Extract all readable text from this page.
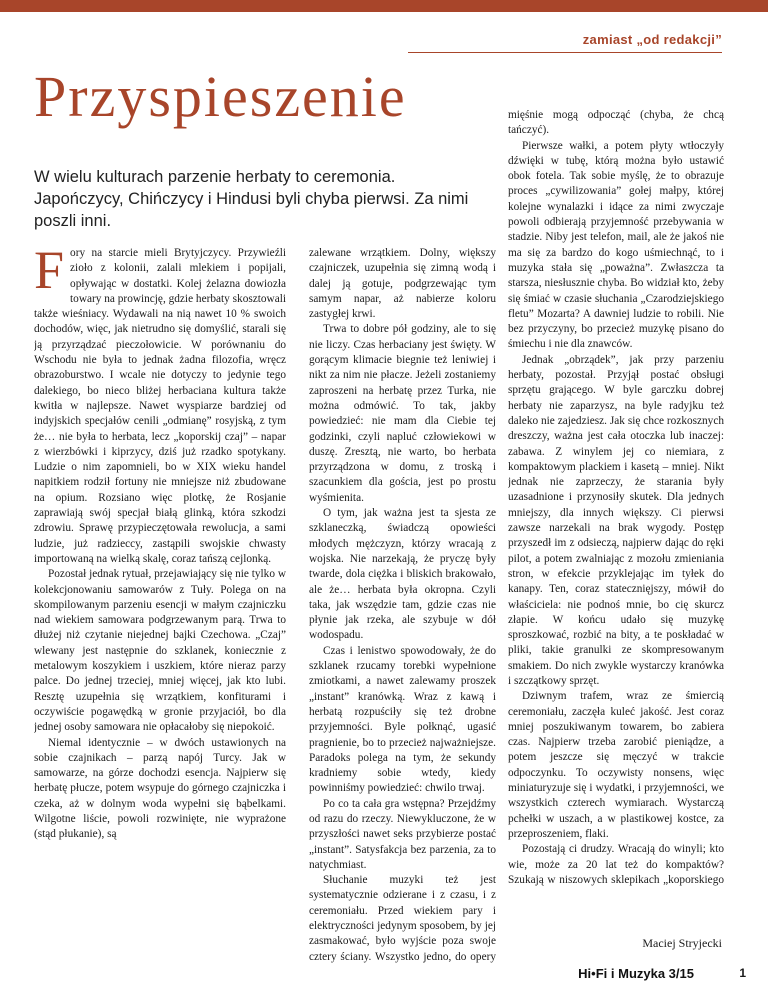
zamiast „od redakcji”
Przyspieszenie

W wielu kulturach parzenie herbaty to ceremonia. Japończycy, Chińczycy i Hindusi byli chyba pierwsi. Za nimi poszli inni.

F ory na starcie mieli Brytyjczycy. Przywieźli zioło z kolonii, zalali mlekiem i popijali, opływając w dostatki. Kolej żelazna dowiozła towary na prowincję, gdzie herbaty skosztowali także wieśniacy. Wydawali na nią nawet 10 % swoich dochodów, więc, jak nietrudno się domyślić, starali się ją przyrządzać pieczołowicie. W porównaniu do Wschodu nie była to jednak żadna filozofia, wręcz obrazoburstwo. I wcale nie dotyczy to jedynie tego dalekiego, bo nieco bliżej herbaciana kultura także kwitła w najlepsze. Nawet wyspiarze bardziej od indyjskich specjałów cenili „odmianę” rosyjską, z tym że… nie była to herbata, lecz „koporskij czaj” – napar z wierzbówki i kiprzycy, dziś już rzadko spotykany. Ludzie o nim zapomnieli, bo w XIX wieku handel napitkiem rodził fortuny nie mniejsze niż zbudowane na opium. Rozsiano więc plotkę, że Rosjanie zaprawiają swój specjał białą glinką, która szkodzi zdrowiu. Sprawę przypieczętowała rewolucja, a sami ludzie, już radzieccy, zastąpili swojskie chwasty importowaną na wielką skalę, coraz tańszą cejlonką.

Pozostał jednak rytuał, przejawiający się nie tylko w kolekcjonowaniu samowarów z Tuły. Polega on na skompilowanym parzeniu esencji w małym czajniczku nad wiekiem samowara podgrzewanym parą. Trwa to dłużej niż czytanie niejednej bajki Czechowa. „Czaj” wlewany jest następnie do szklanek, koniecznie z metalowym koszykiem i uszkiem, które nieraz parzy palce. Do jednej trzeciej, mniej więcej, jak kto lubi. Resztę uzupełnia się wrzątkiem, konfiturami i oczywiście pogawędką w gronie przyjaciół, bo dla jednej osoby samowara nie opłacałoby się niepokoić.

Niemal identycznie – w dwóch ustawionych na sobie czajnikach – parzą napój Turcy. Jak w samowarze, na górze dochodzi esencja. Najpierw się herbatę płucze, potem wsypuje do górnego czajniczka i czeka, aż w dolnym woda wypełni się bąbelkami. Wilgotne liście, powoli rozwinięte, nie wyprażone (stąd płukanie), są

zalewane wrzątkiem. Dolny, większy czajniczek, uzupełnia się zimną wodą i dalej ją gotuje, podgrzewając tym samym napar, aż nabierze koloru zastygłej krwi.

Trwa to dobre pół godziny, ale to się nie liczy. Czas herbaciany jest święty. W gorącym klimacie biegnie też leniwiej i nikt za nim nie płacze. Jeżeli zostaniemy zaproszeni na herbatę przez Turka, nie można odmówić. To tak, jakby powiedzieć: nie mam dla Ciebie tej godzinki, czyli napluć człowiekowi w duszę. Zresztą, nie warto, bo herbata przyrządzona w domu, z troską i szacunkiem dla gościa, jest po prostu wyśmienita.

O tym, jak ważna jest ta sjesta ze szklaneczką, świadczą opowieści młodych mężczyzn, którzy wracają z wojska. Nie narzekają, że pryczę były twarde, dola ciężka i bliskich brakowało, ale że… herbata była okropna. Czyli taka, jak wszędzie tam, gdzie czas nie płynie jak rzeka, ale szybuje w dół wodospadu.

Czas i lenistwo spowodowały, że do szklanek rzucamy torebki wypełnione zmiotkami, a nawet zalewamy proszek „instant” kranówką. Wraz z kawą i herbatą rozpuściły się też drobne przyjemności. Byle połknąć, ugasić pragnienie, bo to przecież najważniejsze. Paradoks polega na tym, że sekundy kradniemy sobie wtedy, kiedy powinniśmy powiedzieć: chwilo trwaj.

Po co ta cała gra wstępna? Przejdźmy od razu do rzeczy. Niewykluczone, że w przyszłości nawet seks przybierze postać „instant”. Satysfakcja bez parzenia, za to natychmiast.

Słuchanie muzyki też jest systematycznie odzierane i z czasu, i z ceremoniału. Przed wiekiem pary i elektryczności jedynym sposobem, by jej zasmakować, było wyjście poza swoje cztery ściany. Wszystko jedno, do opery

mięśnie mogą odpocząć (chyba, że chcą tańczyć).

Pierwsze wałki, a potem płyty wtłoczyły dźwięki w tubę, którą można było ustawić obok fotela. Tak sobie myślę, że to obrazuje proces „cywilizowania” gołej małpy, której kolejne wynalazki i idące za nimi zwyczaje powoli odbierają przyjemność przebywania w stadzie. Niby jest telefon, mail, ale że jakoś nie ma się za bardzo do kogo uśmiechnąć, to i muzyka stała się „poważna”. Zwłaszcza ta starsza, niesłusznie chyba. Bo widział kto, żeby się śmiać w czasie słuchania „Czarodziejskiego fletu” Mozarta? A dawniej ludzie to robili. Nie bez przyczyny, bo przecież muzykę pisano do śmiechu i nie dla znawców.

Jednak „obrządek”, jak przy parzeniu herbaty, pozostał. Przyjął postać obsługi sprzętu grającego. W byle garczku dobrej herbaty nie zaparzysz, na byle radyjku też daleko nie zajedziesz. Jak się chce rozkosznych dreszczy, ważna jest cała otoczka lub inaczej: zabawa. Z winylem jej co niemiara, z kompaktowym plackiem i kasetą – mniej. Nikt jednak nie zaprzeczy, że starania były uzasadnione i przynosiły skutek. Dla jednych mniejszy, dla innych większy. Ci pierwsi zawsze narzekali na brak wygody. Postęp przyszedł im z odsieczą, najpierw dając do ręki pilot, a potem zwalniając z mozołu zmieniania stron, w efekcie przyklejając im tyłek do kanapy. Ten, coraz statecznięjszy, mówił do właściciela: nie podnoś mnie, bo cię skurcz złapie. W końcu udało się muzykę sproszkować, rozbić na bity, a te poskładać w pliki, takie granulki ze skompresowanym smakiem. Do nich zwykle wystarczy kranówka i szczątkowy sprzęt.

Dziwnym trafem, wraz ze śmiercią ceremoniału, zaczęła kuleć jakość. Jest coraz mniej poszukiwanym towarem, bo zabiera czas. Najpierw trzeba zarobić pieniądze, a potem jeszcze się męczyć w trakcie odpoczynku. To oczywisty nonsens, więc miniaturyzuje się i wydatki, i przyjemności, we wszystkich czterech wymiarach. Wystarczą pchełki w uszach, a w plastikowej kostce, za przeproszeniem, flaki.

Pozostają ci drudzy. Wracają do winyli; kto wie, może za 20 lat też do kompaktów? Szukają w niszowych sklepikach „koporskiego

Maciej Stryjecki
Hi•Fi i Muzyka 3/15	1
